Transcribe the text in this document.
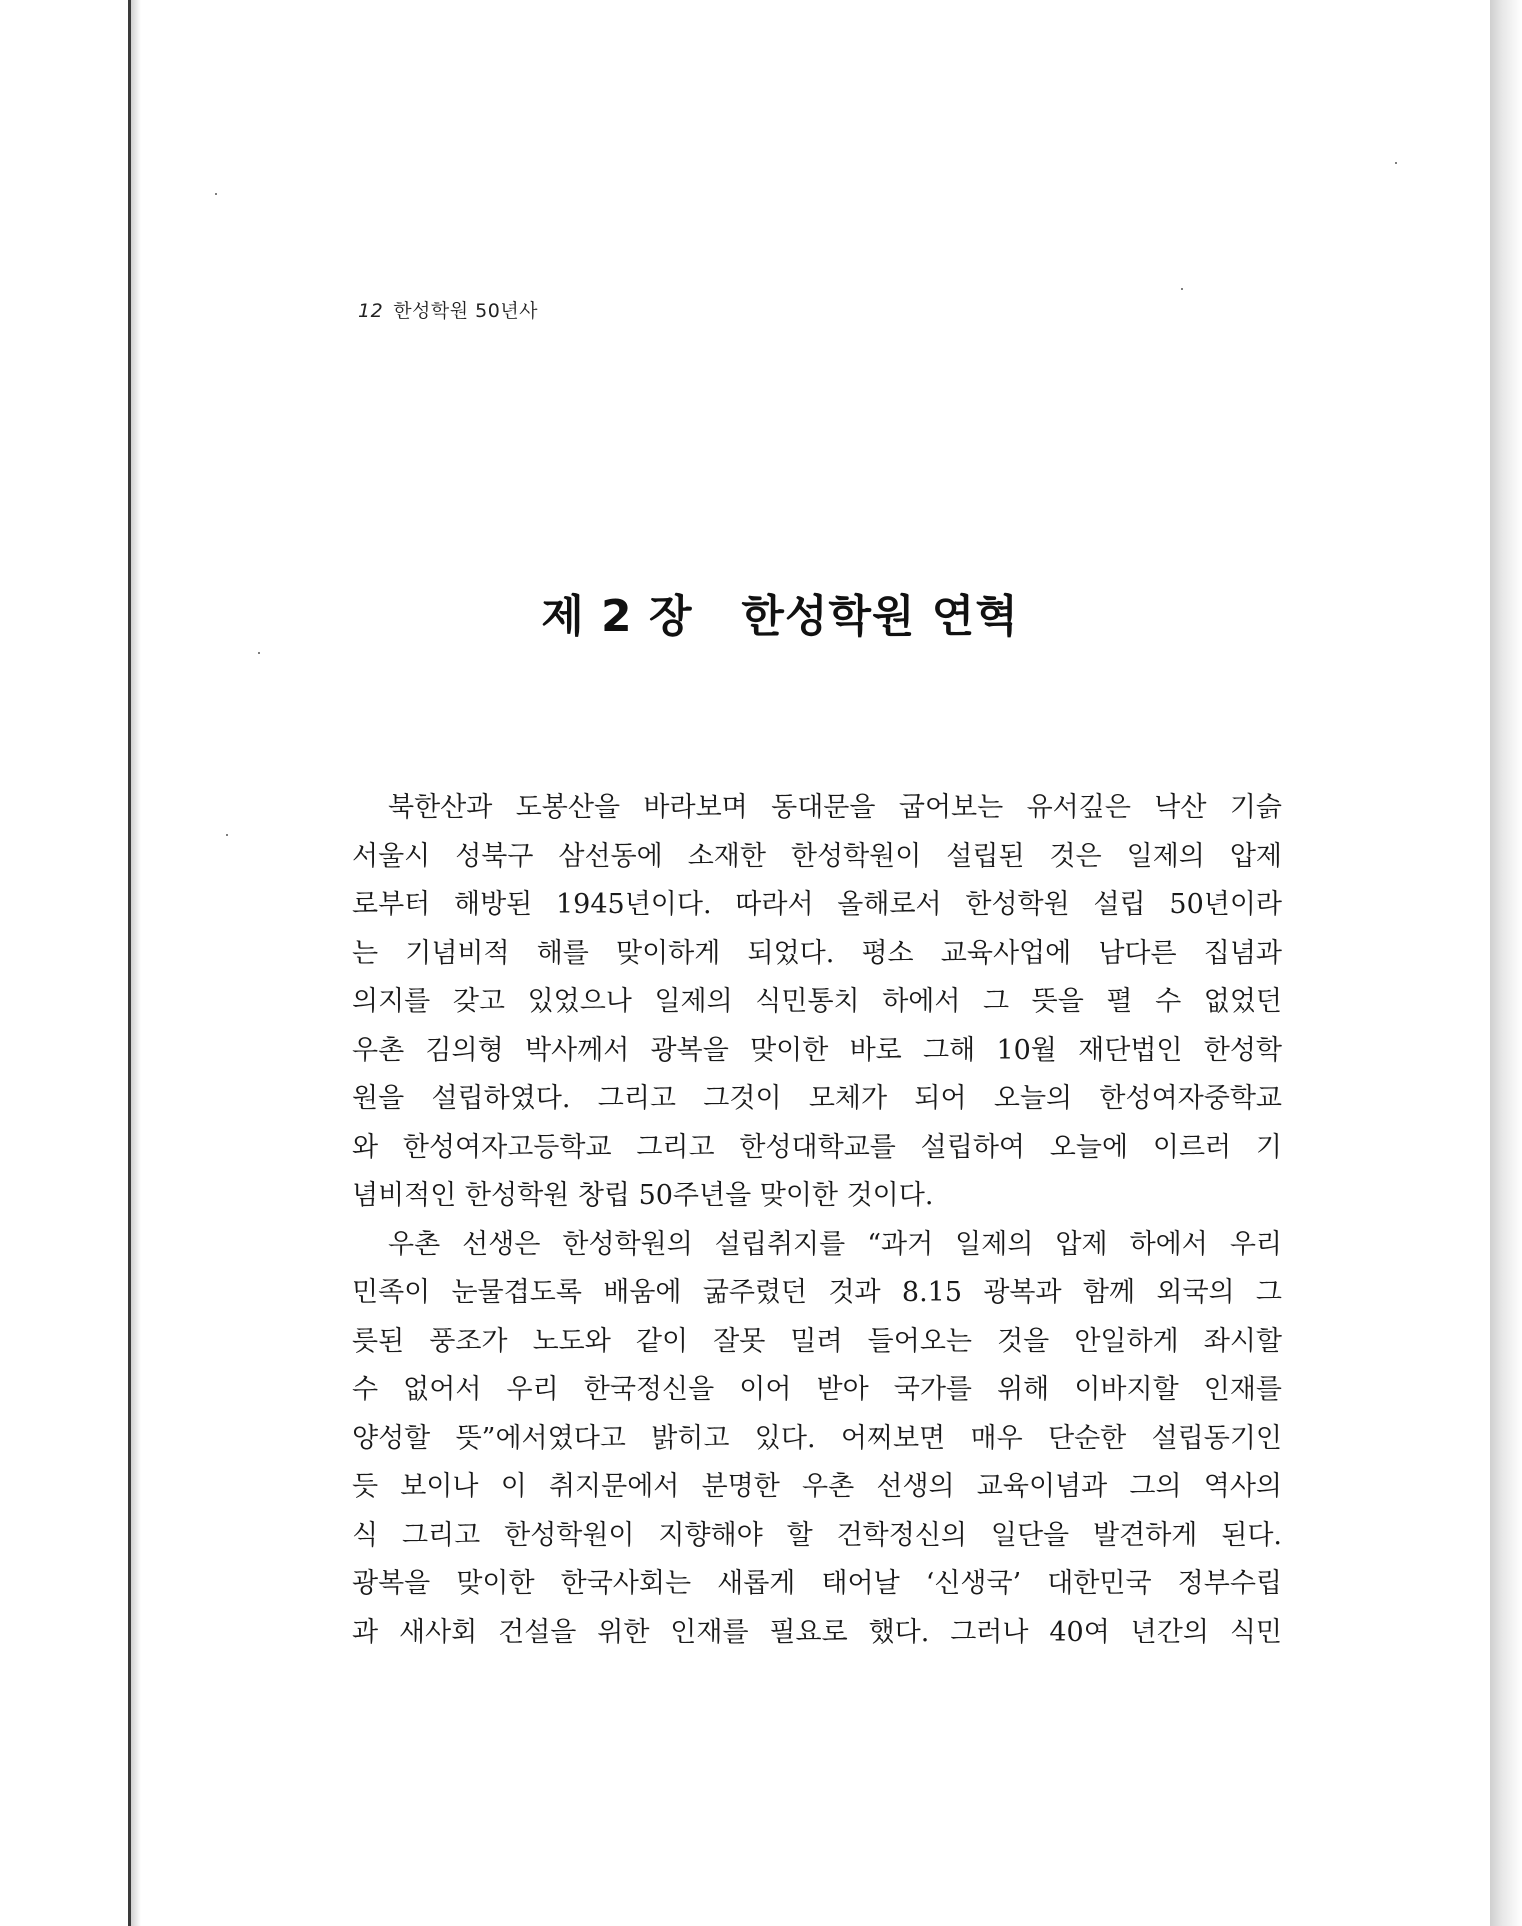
12 한성학원 50년사
제 2 장   한성학원 연혁
북한산과 도봉산을 바라보며 동대문을 굽어보는 유서깊은 낙산 기슭
서울시 성북구 삼선동에 소재한 한성학원이 설립된 것은 일제의 압제
로부터 해방된 1945년이다. 따라서 올해로서 한성학원 설립 50년이라
는 기념비적 해를 맞이하게 되었다. 평소 교육사업에 남다른 집념과
의지를 갖고 있었으나 일제의 식민통치 하에서 그 뜻을 펼 수 없었던
우촌 김의형 박사께서 광복을 맞이한 바로 그해 10월 재단법인 한성학
원을 설립하였다. 그리고 그것이 모체가 되어 오늘의 한성여자중학교
와 한성여자고등학교 그리고 한성대학교를 설립하여 오늘에 이르러 기
념비적인 한성학원 창립 50주년을 맞이한 것이다.
우촌 선생은 한성학원의 설립취지를 “과거 일제의 압제 하에서 우리
민족이 눈물겹도록 배움에 굶주렸던 것과 8.15 광복과 함께 외국의 그
릇된 풍조가 노도와 같이 잘못 밀려 들어오는 것을 안일하게 좌시할
수 없어서 우리 한국정신을 이어 받아 국가를 위해 이바지할 인재를
양성할 뜻”에서였다고 밝히고 있다. 어찌보면 매우 단순한 설립동기인
듯 보이나 이 취지문에서 분명한 우촌 선생의 교육이념과 그의 역사의
식 그리고 한성학원이 지향해야 할 건학정신의 일단을 발견하게 된다.
광복을 맞이한 한국사회는 새롭게 태어날 ‘신생국’ 대한민국 정부수립
과 새사회 건설을 위한 인재를 필요로 했다. 그러나 40여 년간의 식민
